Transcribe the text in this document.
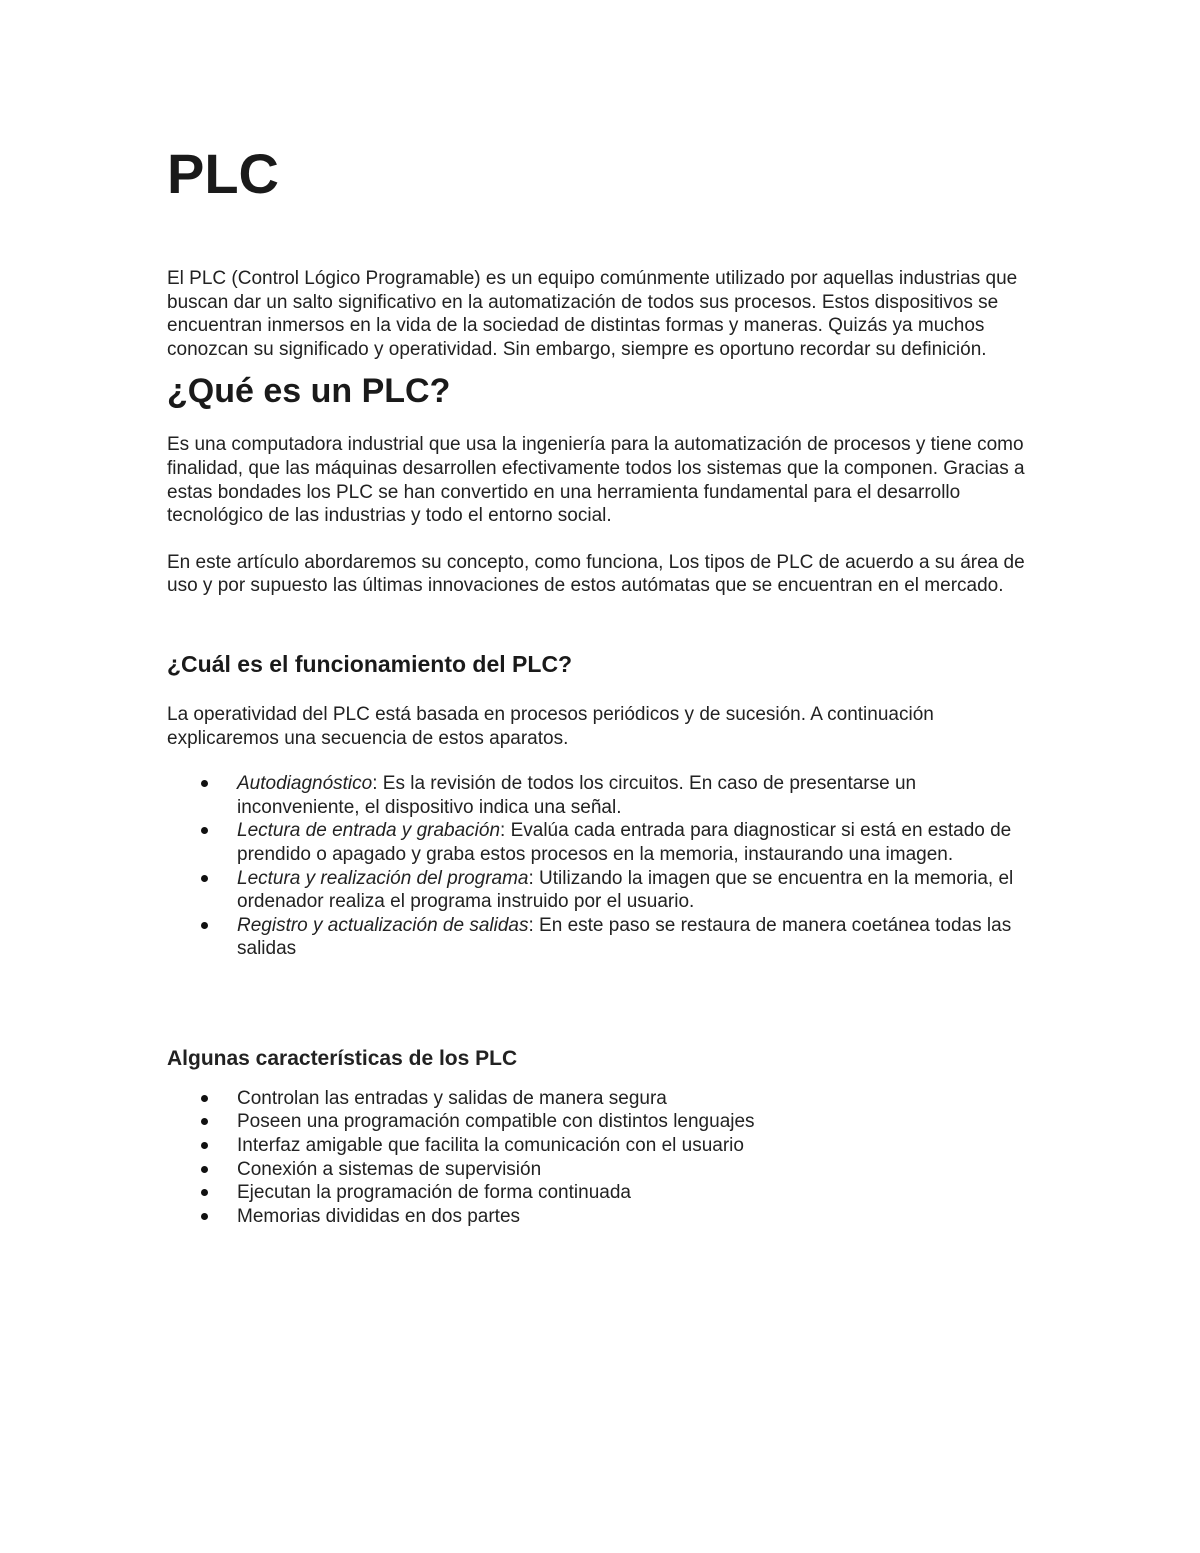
PLC

El PLC (Control Lógico Programable) es un equipo comúnmente utilizado por aquellas industrias que buscan dar un salto significativo en la automatización de todos sus procesos. Estos dispositivos se encuentran inmersos en la vida de la sociedad de distintas formas y maneras. Quizás ya muchos conozcan su significado y operatividad. Sin embargo, siempre es oportuno recordar su definición.

¿Qué es un PLC?

Es una computadora industrial que usa la ingeniería para la automatización de procesos y tiene como finalidad, que las máquinas desarrollen efectivamente todos los sistemas que la componen. Gracias a estas bondades los PLC se han convertido en una herramienta fundamental para el desarrollo tecnológico de las industrias y todo el entorno social.

En este artículo abordaremos su concepto, como funciona, Los tipos de PLC de acuerdo a su área de uso y por supuesto las últimas innovaciones de estos autómatas que se encuentran en el mercado.

¿Cuál es el funcionamiento del PLC?

La operatividad del PLC está basada en procesos periódicos y de sucesión. A continuación explicaremos una secuencia de estos aparatos.

Autodiagnóstico: Es la revisión de todos los circuitos. En caso de presentarse un inconveniente, el dispositivo indica una señal.
Lectura de entrada y grabación: Evalúa cada entrada para diagnosticar si está en estado de prendido o apagado y graba estos procesos en la memoria, instaurando una imagen.
Lectura y realización del programa: Utilizando la imagen que se encuentra en la memoria, el ordenador realiza el programa instruido por el usuario.
Registro y actualización de salidas: En este paso se restaura de manera coetánea todas las salidas
Algunas características de los PLC
Controlan las entradas y salidas de manera segura
Poseen una programación compatible con distintos lenguajes
Interfaz amigable que facilita la comunicación con el usuario
Conexión a sistemas de supervisión
Ejecutan la programación de forma continuada
Memorias divididas en dos partes
